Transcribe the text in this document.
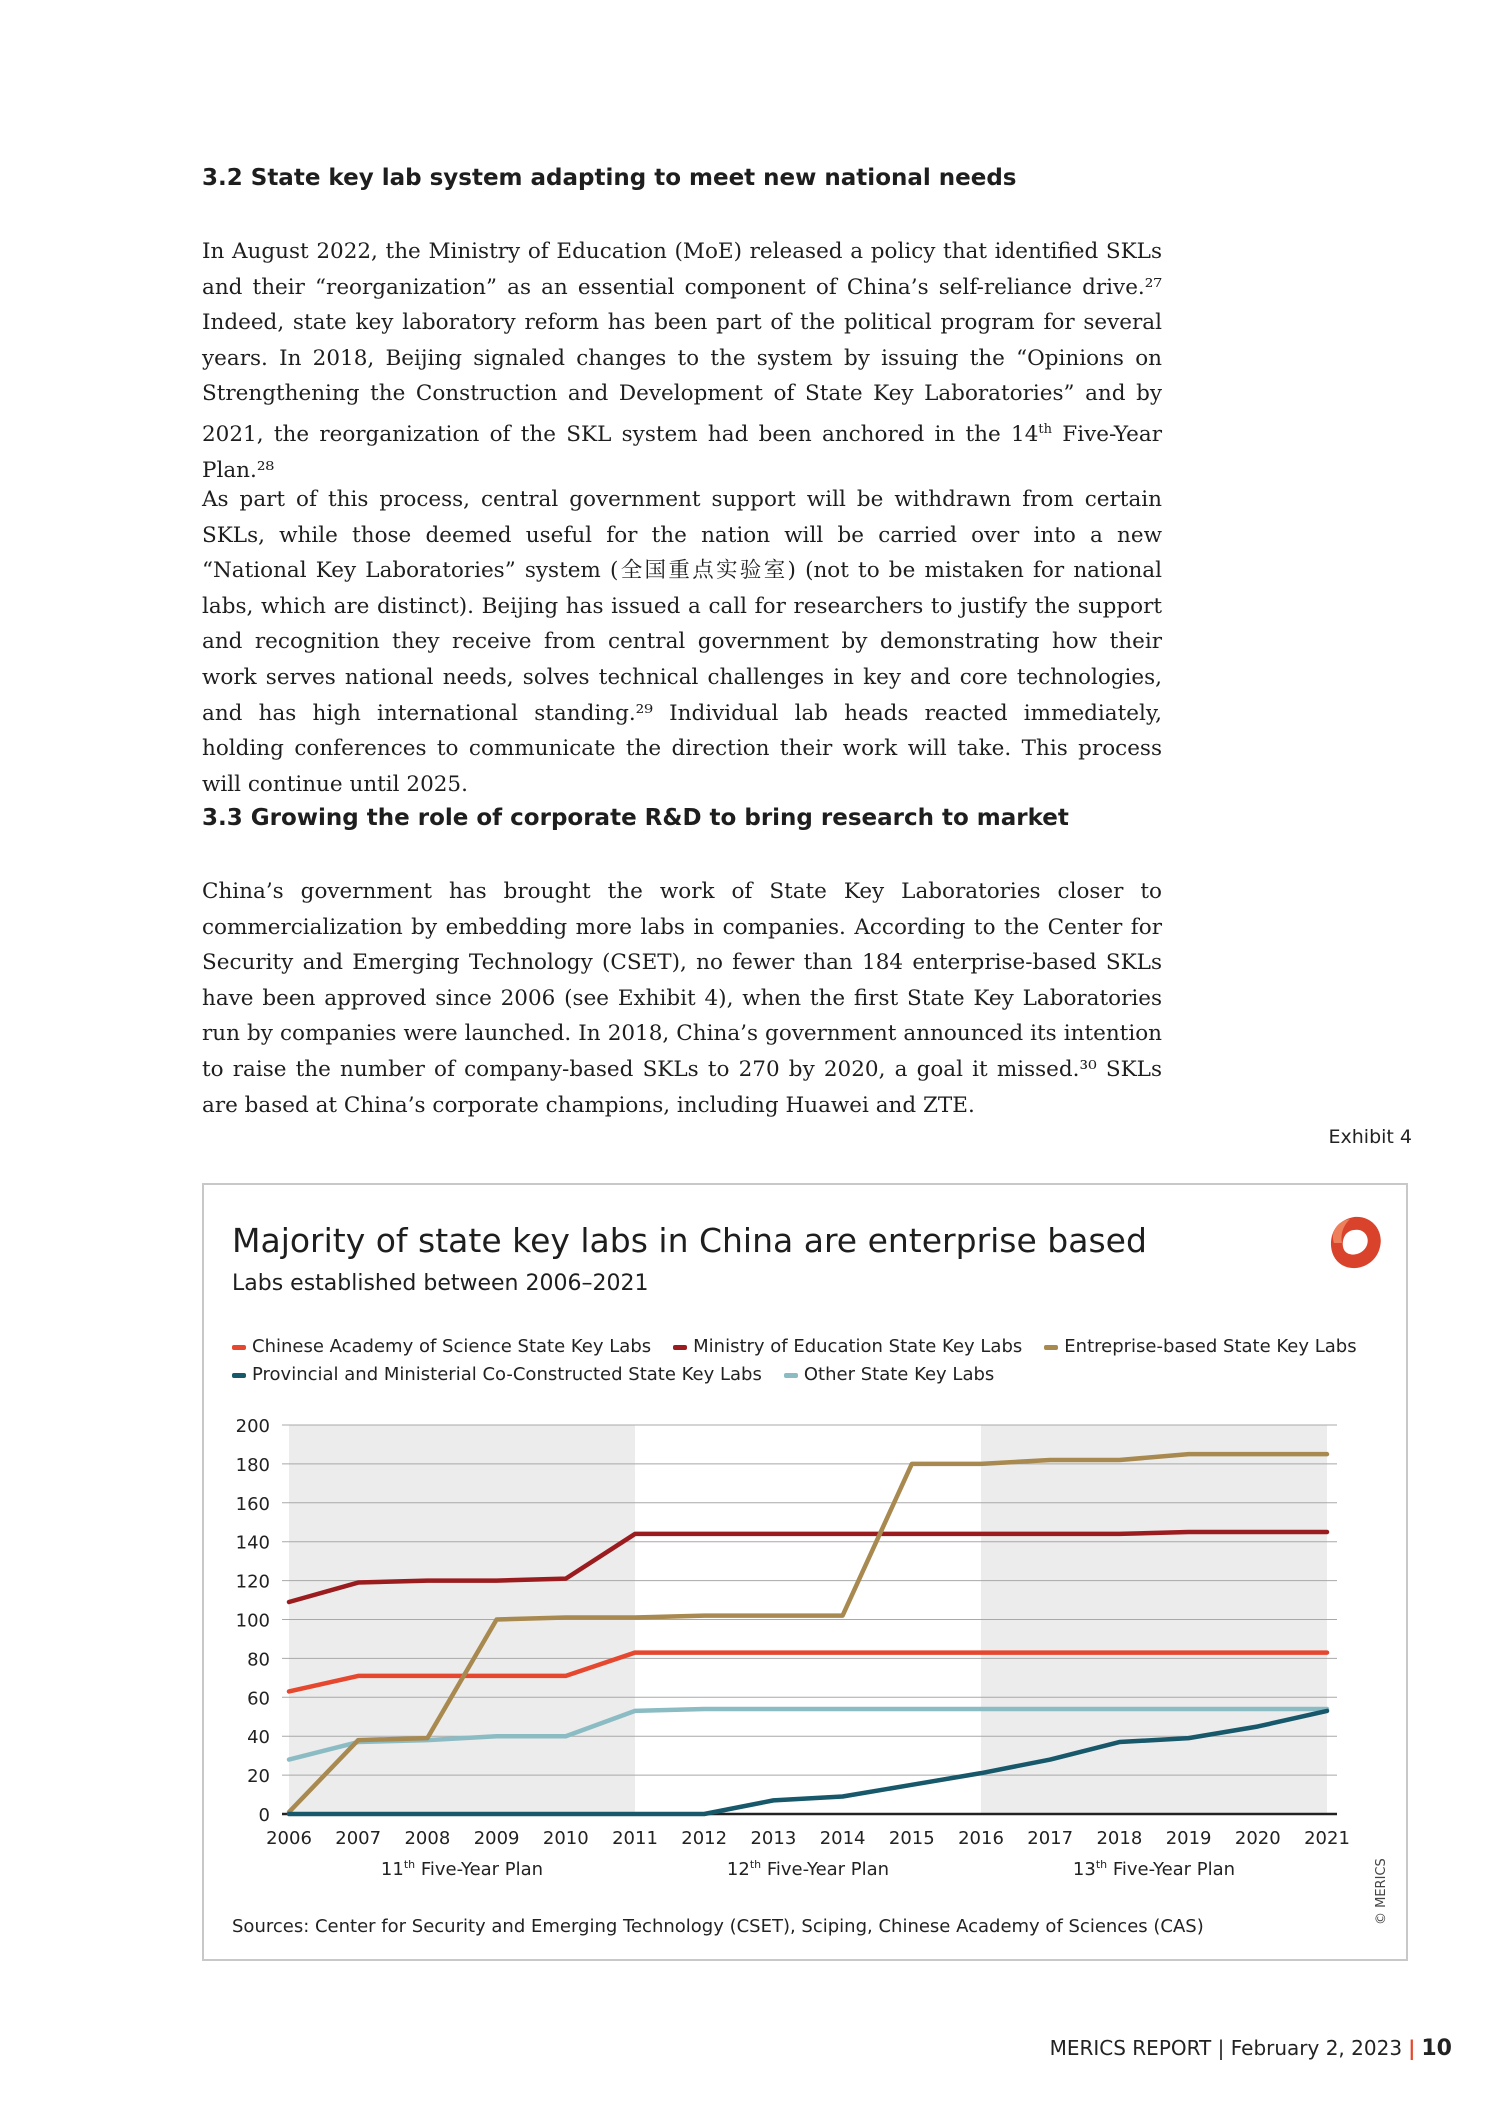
3.2 State key lab system adapting to meet new national needs

In August 2022, the Ministry of Education (MoE) released a policy that identified SKLs and their “reorganization” as an essential component of China’s self-reliance drive.²⁷ Indeed, state key laboratory reform has been part of the political program for several years. In 2018, Beijing signaled changes to the system by issuing the “Opinions on Strengthening the Construction and Development of State Key Laboratories” and by 2021, the reorganization of the SKL system had been anchored in the 14th Five-Year Plan.²⁸

As part of this process, central government support will be withdrawn from certain SKLs, while those deemed useful for the nation will be carried over into a new “National Key Laboratories” system (全国重点实验室) (not to be mistaken for national labs, which are distinct). Beijing has issued a call for researchers to justify the support and recognition they receive from central government by demonstrating how their work serves national needs, solves technical challenges in key and core technologies, and has high international standing.²⁹ Individual lab heads reacted immediately, holding conferences to communicate the direction their work will take. This process will continue until 2025.

3.3 Growing the role of corporate R&D to bring research to market

China’s government has brought the work of State Key Laboratories closer to commercialization by embedding more labs in companies. According to the Center for Security and Emerging Technology (CSET), no fewer than 184 enterprise-based SKLs have been approved since 2006 (see Exhibit 4), when the first State Key Laboratories run by companies were launched. In 2018, China’s government announced its intention to raise the number of company-based SKLs to 270 by 2020, a goal it missed.³⁰ SKLs are based at China’s corporate champions, including Huawei and ZTE.

Exhibit 4
Majority of state key labs in China are enterprise based
Labs established between 2006–2021
Chinese Academy of Science State Key Labs Ministry of Education State Key Labs Entreprise-based State Key Labs
Provincial and Ministerial Co-Constructed State Key Labs Other State Key Labs
0
20
40
60
80
100
120
140
160
180
200
2006 2007 2008 2009 2010 2011 2012 2013 2014 2015 2016 2017 2018 2019 2020 2021
11th Five-Year Plan	12th Five-Year Plan	13th Five-Year Plan
Sources: Center for Security and Emerging Technology (CSET), Sciping, Chinese Academy of Sciences (CAS)
© MERICS
MERICS REPORT | February 2, 2023 | 10
